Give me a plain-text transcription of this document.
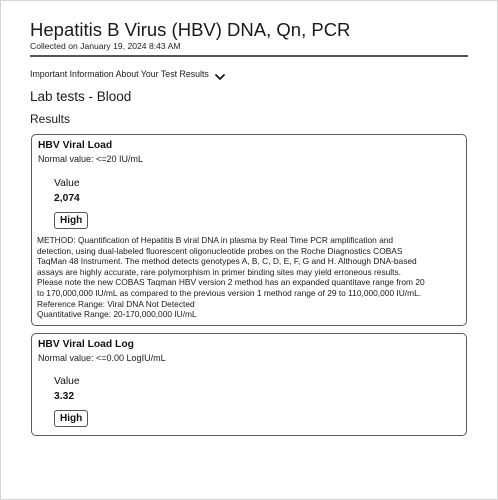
Hepatitis B Virus (HBV) DNA, Qn, PCR
Collected on January 19, 2024 8:43 AM
Important Information About Your Test Results
Lab tests - Blood
Results
HBV Viral Load
Normal value: <=20 IU/mL
Value
2,074
High
METHOD: Quantification of Hepatitis B viral DNA in plasma by Real Time PCR amplification and
detection, using dual-labeled fluorescent oligonucleotide probes on the Roche Diagnostics COBAS
TaqMan 48 Instrument. The method detects genotypes A, B, C, D, E, F, G and H. Although DNA-based
assays are highly accurate, rare polymorphism in primer binding sites may yield erroneous results.
Please note the new COBAS Taqman HBV version 2 method has an expanded quantitave range from 20
to 170,000,000 IU/mL as compared to the previous version 1 method range of 29 to 110,000,000 IU/mL.
Reference Range: Viral DNA Not Detected
Quantitative Range: 20-170,000,000 IU/mL
HBV Viral Load Log
Normal value: <=0.00 LogIU/mL
Value
3.32
High
